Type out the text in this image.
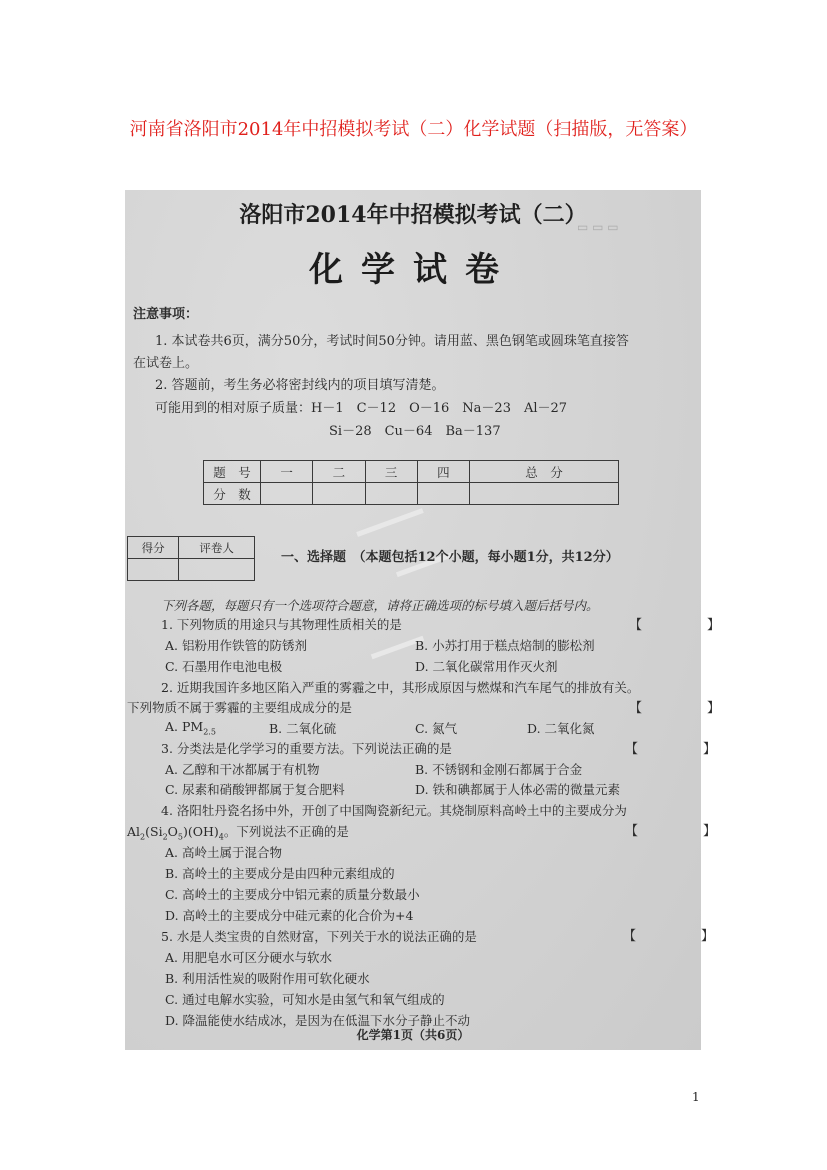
河南省洛阳市2014年中招模拟考试（二）化学试题（扫描版，无答案）
▭ ▭ ▭
洛阳市2014年中招模拟考试（二）
化学试卷
注意事项：
1. 本试卷共6页，满分50分，考试时间50分钟。请用蓝、黑色钢笔或圆珠笔直接答
在试卷上。
2. 答题前，考生务必将密封线内的项目填写清楚。
可能用到的相对原子质量：H－1　C－12　O－16　Na－23　Al－27
Si－28　Cu－64　Ba－137
题　号	一	二	三	四	总　分
分　数					
得分	评卷人

一、选择题　（本题包括12个小题，每小题1分，共12分）
下列各题，每题只有一个选项符合题意，请将正确选项的标号填入题后括号内。
1. 下列物质的用途只与其物理性质相关的是	【　】
A. 铝粉用作铁管的防锈剂	B. 小苏打用于糕点焙制的膨松剂
C. 石墨用作电池电极	D. 二氧化碳常用作灭火剂
2. 近期我国许多地区陷入严重的雾霾之中，其形成原因与燃煤和汽车尾气的排放有关。
下列物质不属于雾霾的主要组成成分的是	【　】
A. $PM_{2.5}$	B. 二氧化硫	C. 氮气	D. 二氧化氮
3. 分类法是化学学习的重要方法。下列说法正确的是	【　】
A. 乙醇和干冰都属于有机物	B. 不锈钢和金刚石都属于合金
C. 尿素和硝酸钾都属于复合肥料	D. 铁和碘都属于人体必需的微量元素
4. 洛阳牡丹瓷名扬中外，开创了中国陶瓷新纪元。其烧制原料高岭土中的主要成分为
$Al_2(Si_2O_5)(OH)_4$。下列说法不正确的是	【　】
A. 高岭土属于混合物
B. 高岭土的主要成分是由四种元素组成的
C. 高岭土的主要成分中铝元素的质量分数最小
D. 高岭土的主要成分中硅元素的化合价为+4
5. 水是人类宝贵的自然财富，下列关于水的说法正确的是	【　】
A. 用肥皂水可区分硬水与软水
B. 利用活性炭的吸附作用可软化硬水
C. 通过电解水实验，可知水是由氢气和氧气组成的
D. 降温能使水结成冰，是因为在低温下水分子静止不动
化学第1页（共6页）
1
